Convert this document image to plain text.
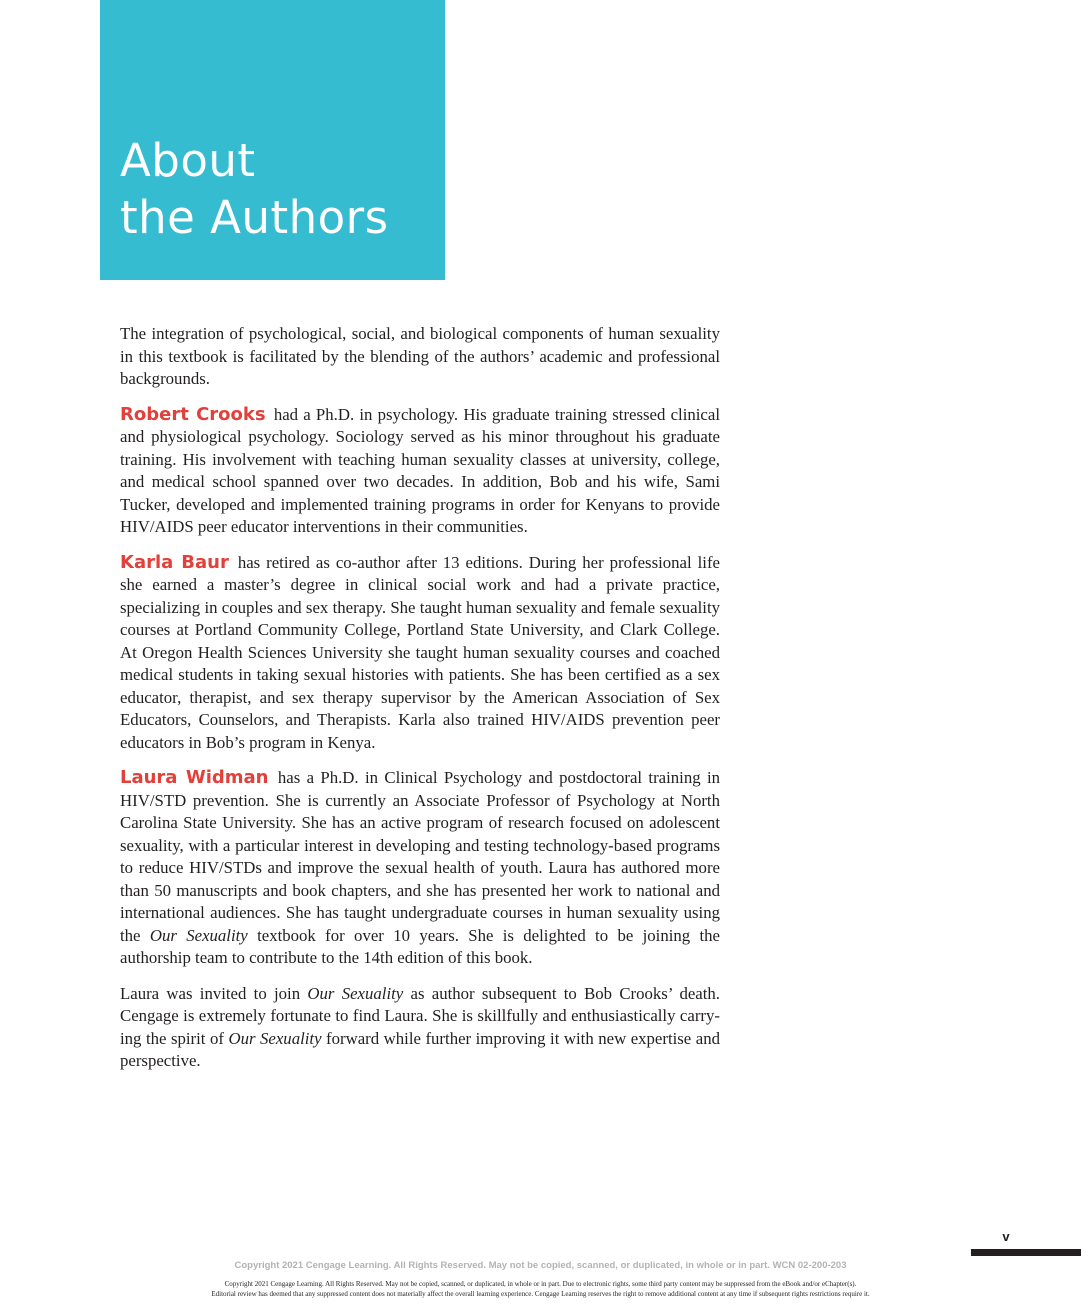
About
the Authors

The integration of psychological, social, and biological components of human sexuality in this textbook is facilitated by the blending of the authors’ academic and professional backgrounds.

Robert Crooks had a Ph.D. in psychology. His graduate training stressed clinical and physiological psychology. Sociology served as his minor throughout his graduate training. His involvement with teaching human sexuality classes at university, college, and medical school spanned over two decades. In addition, Bob and his wife, Sami Tucker, developed and implemented training programs in order for Kenyans to provide HIV/​AIDS peer educator interventions in their communities.

Karla Baur has retired as co-author after 13 editions. During her professional life she earned a master’s degree in clinical social work and had a private practice, specializing in couples and sex therapy. She taught human sexuality and female sexuality courses at Portland Community College, Portland State University, and Clark College. At Oregon Health Sciences University she taught human sexuality courses and coached medical students in taking sexual histories with patients. She has been certified as a sex educator, therapist, and sex therapy supervisor by the American Association of Sex Educators, Counselors, and Therapists. Karla also trained HIV/AIDS prevention peer educators in Bob’s program in Kenya.

Laura Widman has a Ph.D. in Clinical Psychology and postdoctoral training in HIV/STD prevention. She is currently an Associate Professor of Psychology at North Carolina State University. She has an active program of research focused on adolescent sexuality, with a particular interest in developing and testing technology-based programs to reduce HIV/STDs and improve the sexual health of youth. Laura has authored more than 50 manuscripts and book chapters, and she has presented her work to national and international audiences. She has taught undergraduate courses in human sexuality using the Our Sexuality textbook for over 10 years. She is delighted to be joining the authorship team to contribute to the 14th edition of this book.

Laura was invited to join Our Sexuality as author subsequent to Bob Crooks’ death. Cengage is extremely fortunate to find Laura. She is skillfully and enthusiastically carrying the spirit of Our Sexuality forward while further improving it with new expertise and perspective.

v
Copyright 2021 Cengage Learning. All Rights Reserved. May not be copied, scanned, or duplicated, in whole or in part. WCN 02-200-203
Copyright 2021 Cengage Learning. All Rights Reserved. May not be copied, scanned, or duplicated, in whole or in part. Due to electronic rights, some third party content may be suppressed from the eBook and/or eChapter(s).
Editorial review has deemed that any suppressed content does not materially affect the overall learning experience. Cengage Learning reserves the right to remove additional content at any time if subsequent rights restrictions require it.
